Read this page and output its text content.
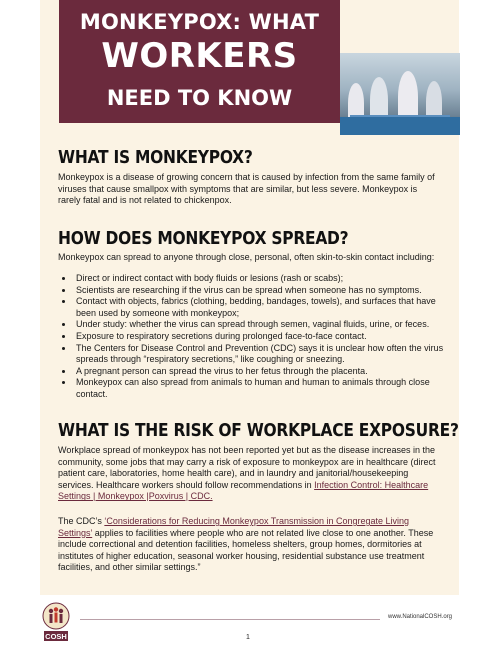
MONKEYPOX: WHAT
WORKERS
NEED TO KNOW
WHAT IS MONKEYPOX?
Monkeypox is a disease of growing concern that is caused by infection from the same family of viruses that cause smallpox with symptoms that are similar, but less severe. Monkeypox is rarely fatal and is not related to chickenpox.
HOW DOES MONKEYPOX SPREAD?
Monkeypox can spread to anyone through close, personal, often skin-to-skin contact including:
• Direct or indirect contact with body fluids or lesions (rash or scabs);
• Scientists are researching if the virus can be spread when someone has no symptoms.
• Contact with objects, fabrics (clothing, bedding, bandages, towels), and surfaces that have been used by someone with monkeypox;
• Under study: whether the virus can spread through semen, vaginal fluids, urine, or feces.
• Exposure to respiratory secretions during prolonged face-to-face contact.
• The Centers for Disease Control and Prevention (CDC) says it is unclear how often the virus spreads through “respiratory secretions,” like coughing or sneezing.
• A pregnant person can spread the virus to her fetus through the placenta.
• Monkeypox can also spread from animals to human and human to animals through close contact.
WHAT IS THE RISK OF WORKPLACE EXPOSURE?
Workplace spread of monkeypox has not been reported yet but as the disease increases in the community, some jobs that may carry a risk of exposure to monkeypox are in healthcare (direct patient care, laboratories, home health care), and in laundry and janitorial/housekeeping services. Healthcare workers should follow recommendations in Infection Control: Healthcare Settings | Monkeypox |Poxvirus | CDC.
The CDC’s ‘Considerations for Reducing Monkeypox Transmission in Congregate Living Settings’ applies to facilities where people who are not related live close to one another. These include correctional and detention facilities, homeless shelters, group homes, dormitories at institutes of higher education, seasonal worker housing, residential substance use treatment facilities, and other similar settings.”
COSH
www.NationalCOSH.org
1
